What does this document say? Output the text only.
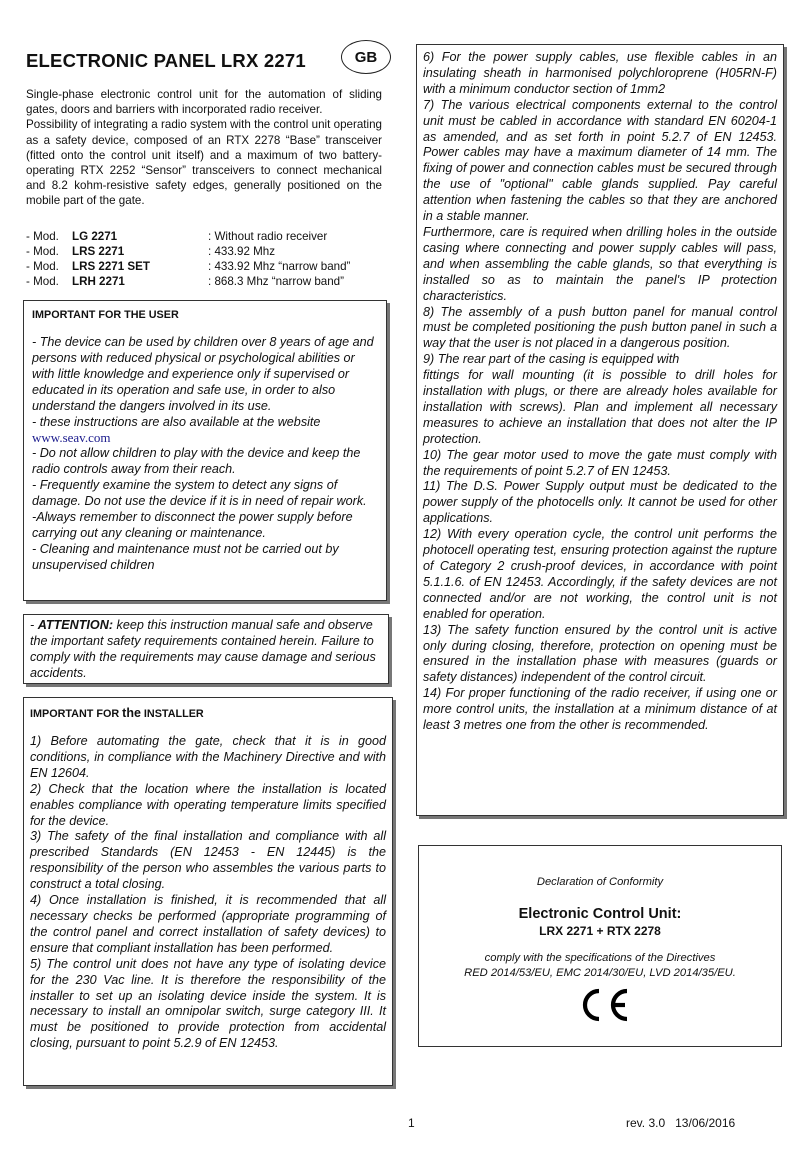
ELECTRONIC PANEL LRX 2271	GB

Single-phase electronic control unit for the automation of sliding gates, doors and barriers with incorporated radio receiver.

Possibility of integrating a radio system with the control unit operating as a safety device, composed of an RTX 2278 “Base” transceiver (fitted onto the control unit itself) and a maximum of two battery-operating RTX 2252 “Sensor” transceivers to connect mechanical and 8.2 kohm-resistive safety edges, generally positioned on the mobile part of the gate.

- Mod. LG 2271	: Without radio receiver
- Mod. LRS 2271	: 433.92 Mhz
- Mod. LRS 2271 SET	: 433.92 Mhz “narrow band”
- Mod. LRH 2271	: 868.3 Mhz “narrow band”
IMPORTANT FOR THE USER
- The device can be used by children over 8 years of age and persons with reduced physical or psychological abilities or with little knowledge and experience only if supervised or educated in its operation and safe use, in order to also understand the dangers involved in its use.
- these instructions are also available at the website
www.seav.com
- Do not allow children to play with the device and keep the radio controls away from their reach.
- Frequently examine the system to detect any signs of damage. Do not use the device if it is in need of repair work.
-Always remember to disconnect the power supply before carrying out any cleaning or maintenance.
- Cleaning and maintenance must not be carried out by unsupervised children
- ATTENTION: keep this instruction manual safe and observe the important safety requirements contained herein. Failure to comply with the requirements may cause damage and serious accidents.
IMPORTANT FOR the INSTALLER
1) Before automating the gate, check that it is in good conditions, in compliance with the Machinery Directive and with EN 12604.
2) Check that the location where the installation is located enables compliance with operating temperature limits specified for the device.
3) The safety of the final installation and compliance with all prescribed Standards (EN 12453 - EN 12445) is the responsibility of the person who assembles the various parts to construct a total closing.
4) Once installation is finished, it is recommended that all necessary checks be performed (appropriate programming of the control panel and correct installation of safety devices) to ensure that compliant installation has been performed.
5) The control unit does not have any type of isolating device for the 230 Vac line. It is therefore the responsibility of the installer to set up an isolating device inside the system. It is necessary to install an omnipolar switch, surge category III. It must be positioned to provide protection from accidental closing, pursuant to point 5.2.9 of EN 12453.
6) For the power supply cables, use flexible cables in an insulating sheath in harmonised polychloroprene (H05RN-F) with a minimum conductor section of 1mm2
7) The various electrical components external to the control unit must be cabled in accordance with standard EN 60204-1 as amended, and as set forth in point 5.2.7 of EN 12453. Power cables may have a maximum diameter of 14 mm. The fixing of power and connection cables must be secured through the use of "optional" cable glands supplied. Pay careful attention when fastening the cables so that they are anchored in a stable manner.
Furthermore, care is required when drilling holes in the outside casing where connecting and power supply cables will pass, and when assembling the cable glands, so that everything is installed so as to maintain the panel's IP protection characteristics.
8) The assembly of a push button panel for manual control must be completed positioning the push button panel in such a way that the user is not placed in a dangerous position.
9) The rear part of the casing is equipped with
fittings for wall mounting (it is possible to drill holes for installation with plugs, or there are already holes available for installation with screws). Plan and implement all necessary measures to achieve an installation that does not alter the IP protection.
10) The gear motor used to move the gate must comply with the requirements of point 5.2.7 of EN 12453.
11) The D.S. Power Supply output must be dedicated to the power supply of the photocells only. It cannot be used for other applications.
12) With every operation cycle, the control unit performs the photocell operating test, ensuring protection against the rupture of Category 2 crush-proof devices, in accordance with point 5.1.1.6. of EN 12453. Accordingly, if the safety devices are not connected and/or are not working, the control unit is not enabled for operation.
13) The safety function ensured by the control unit is active only during closing, therefore, protection on opening must be ensured in the installation phase with measures (guards or safety distances) independent of the control circuit.
14) For proper functioning of the radio receiver, if using one or more control units, the installation at a minimum distance of at least 3 metres one from the other is recommended.
Declaration of Conformity
Electronic Control Unit:
LRX 2271 + RTX 2278
comply with the specifications of the Directives
RED 2014/53/EU, EMC 2014/30/EU, LVD 2014/35/EU.
1	rev. 3.0   13/06/2016
